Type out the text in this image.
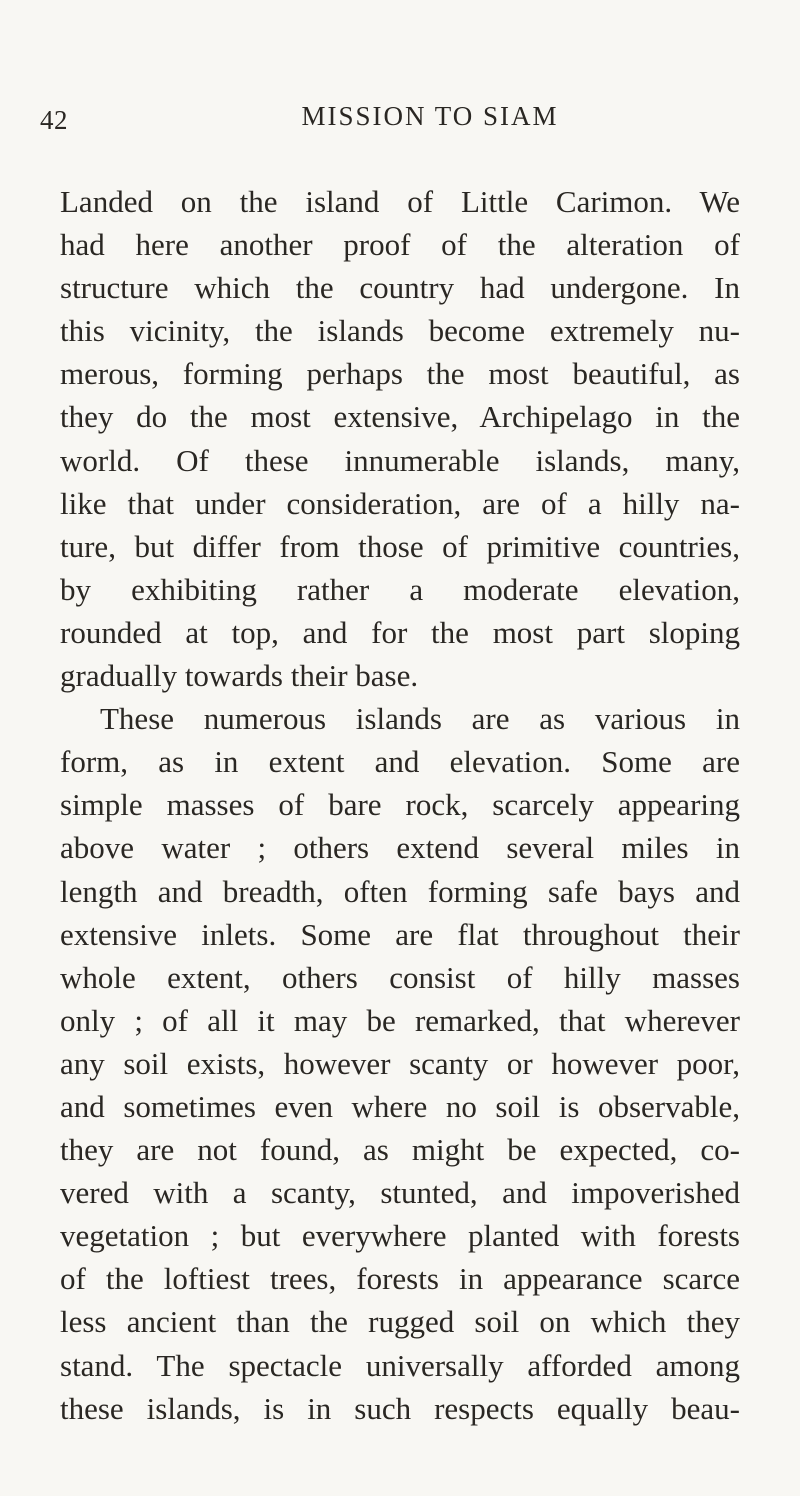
42	MISSION TO SIAM
Landed on the island of Little Carimon. We
had here another proof of the alteration of
structure which the country had undergone. In
this vicinity, the islands become extremely nu-
merous, forming perhaps the most beautiful, as
they do the most extensive, Archipelago in the
world. Of these innumerable islands, many,
like that under consideration, are of a hilly na-
ture, but differ from those of primitive countries,
by exhibiting rather a moderate elevation,
rounded at top, and for the most part sloping
gradually towards their base.
These numerous islands are as various in
form, as in extent and elevation. Some are
simple masses of bare rock, scarcely appearing
above water ; others extend several miles in
length and breadth, often forming safe bays and
extensive inlets. Some are flat throughout their
whole extent, others consist of hilly masses
only ; of all it may be remarked, that wherever
any soil exists, however scanty or however poor,
and sometimes even where no soil is observable,
they are not found, as might be expected, co-
vered with a scanty, stunted, and impoverished
vegetation ; but everywhere planted with forests
of the loftiest trees, forests in appearance scarce
less ancient than the rugged soil on which they
stand. The spectacle universally afforded among
these islands, is in such respects equally beau-
